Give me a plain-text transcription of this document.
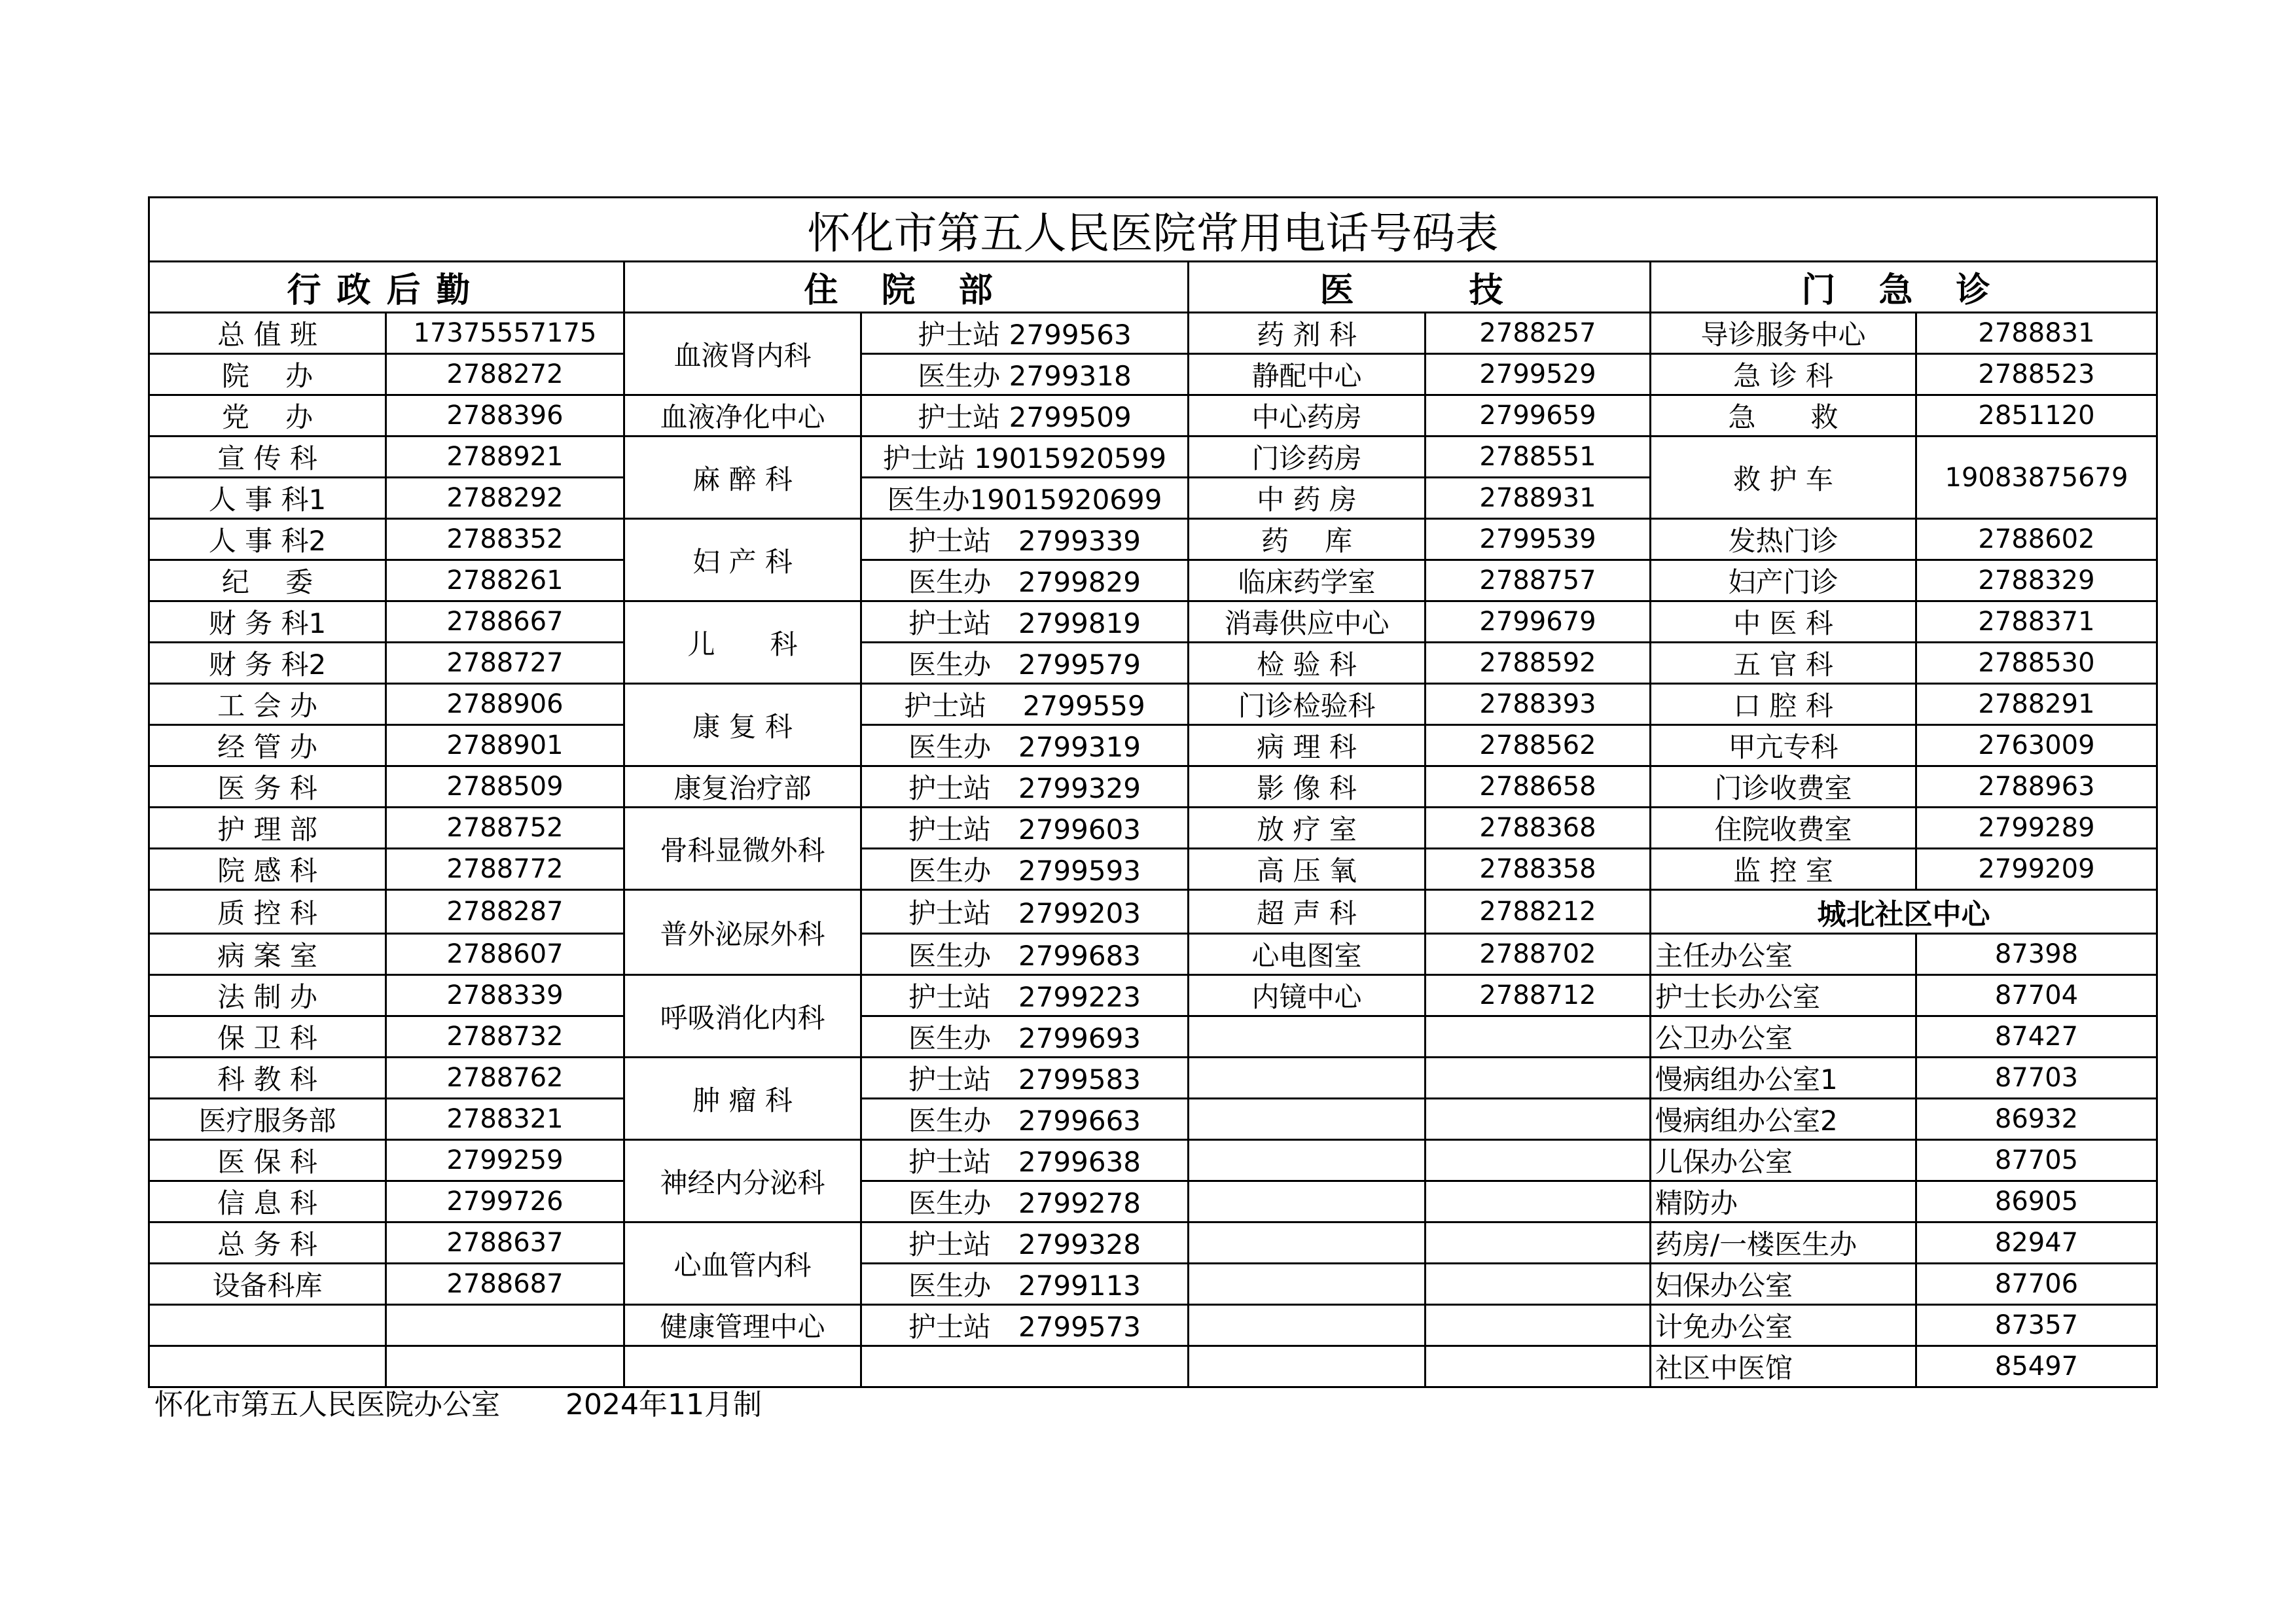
怀化市第五人民医院常用电话号码表							
行政后勤		住 院 部		医　　技		门 急 诊	
总 值 班	17375557175	血液肾内科	护士站 2799563	药 剂 科	2788257	导诊服务中心	2788831
院　 办	2788272		医生办 2799318	静配中心	2799529	急 诊 科	2788523
党　 办	2788396	血液净化中心	护士站 2799509	中心药房	2799659	急　　救	2851120
宣 传 科	2788921	麻 醉 科	护士站 19015920599	门诊药房	2788551	救 护 车	19083875679
人 事 科1	2788292		医生办19015920699	中 药 房	2788931		
人 事 科2	2788352	妇 产 科	护士站　2799339	药　 库	2799539	发热门诊	2788602
纪　 委	2788261		医生办　2799829	临床药学室	2788757	妇产门诊	2788329
财 务 科1	2788667	儿　　科	护士站　2799819	消毒供应中心	2799679	中 医 科	2788371
财 务 科2	2788727		医生办　2799579	检 验 科	2788592	五 官 科	2788530
工 会 办	2788906	康 复 科	护士站　 2799559	门诊检验科	2788393	口 腔 科	2788291
经 管 办	2788901		医生办　2799319	病 理 科	2788562	甲亢专科	2763009
医 务 科	2788509	康复治疗部	护士站　2799329	影 像 科	2788658	门诊收费室	2788963
护 理 部	2788752	骨科显微外科	护士站　2799603	放 疗 室	2788368	住院收费室	2799289
院 感 科	2788772		医生办　2799593	高 压 氧	2788358	监 控 室	2799209
质 控 科	2788287	普外泌尿外科	护士站　2799203	超 声 科	2788212	城北社区中心	
病 案 室	2788607		医生办　2799683	心电图室	2788702	主任办公室	87398
法 制 办	2788339	呼吸消化内科	护士站　2799223	内镜中心	2788712	护士长办公室	87704
保 卫 科	2788732		医生办　2799693			公卫办公室	87427
科 教 科	2788762	肿 瘤 科	护士站　2799583			慢病组办公室1	87703
医疗服务部	2788321		医生办　2799663			慢病组办公室2	86932
医 保 科	2799259	神经内分泌科	护士站　2799638			儿保办公室	87705
信 息 科	2799726		医生办　2799278			精防办	86905
总 务 科	2788637	心血管内科	护士站　2799328			药房/一楼医生办	82947
设备科库	2788687		医生办　2799113			妇保办公室	87706
		健康管理中心	护士站　2799573			计免办公室	87357
						社区中医馆	85497
怀化市第五人民医院办公室 2024年11月制
